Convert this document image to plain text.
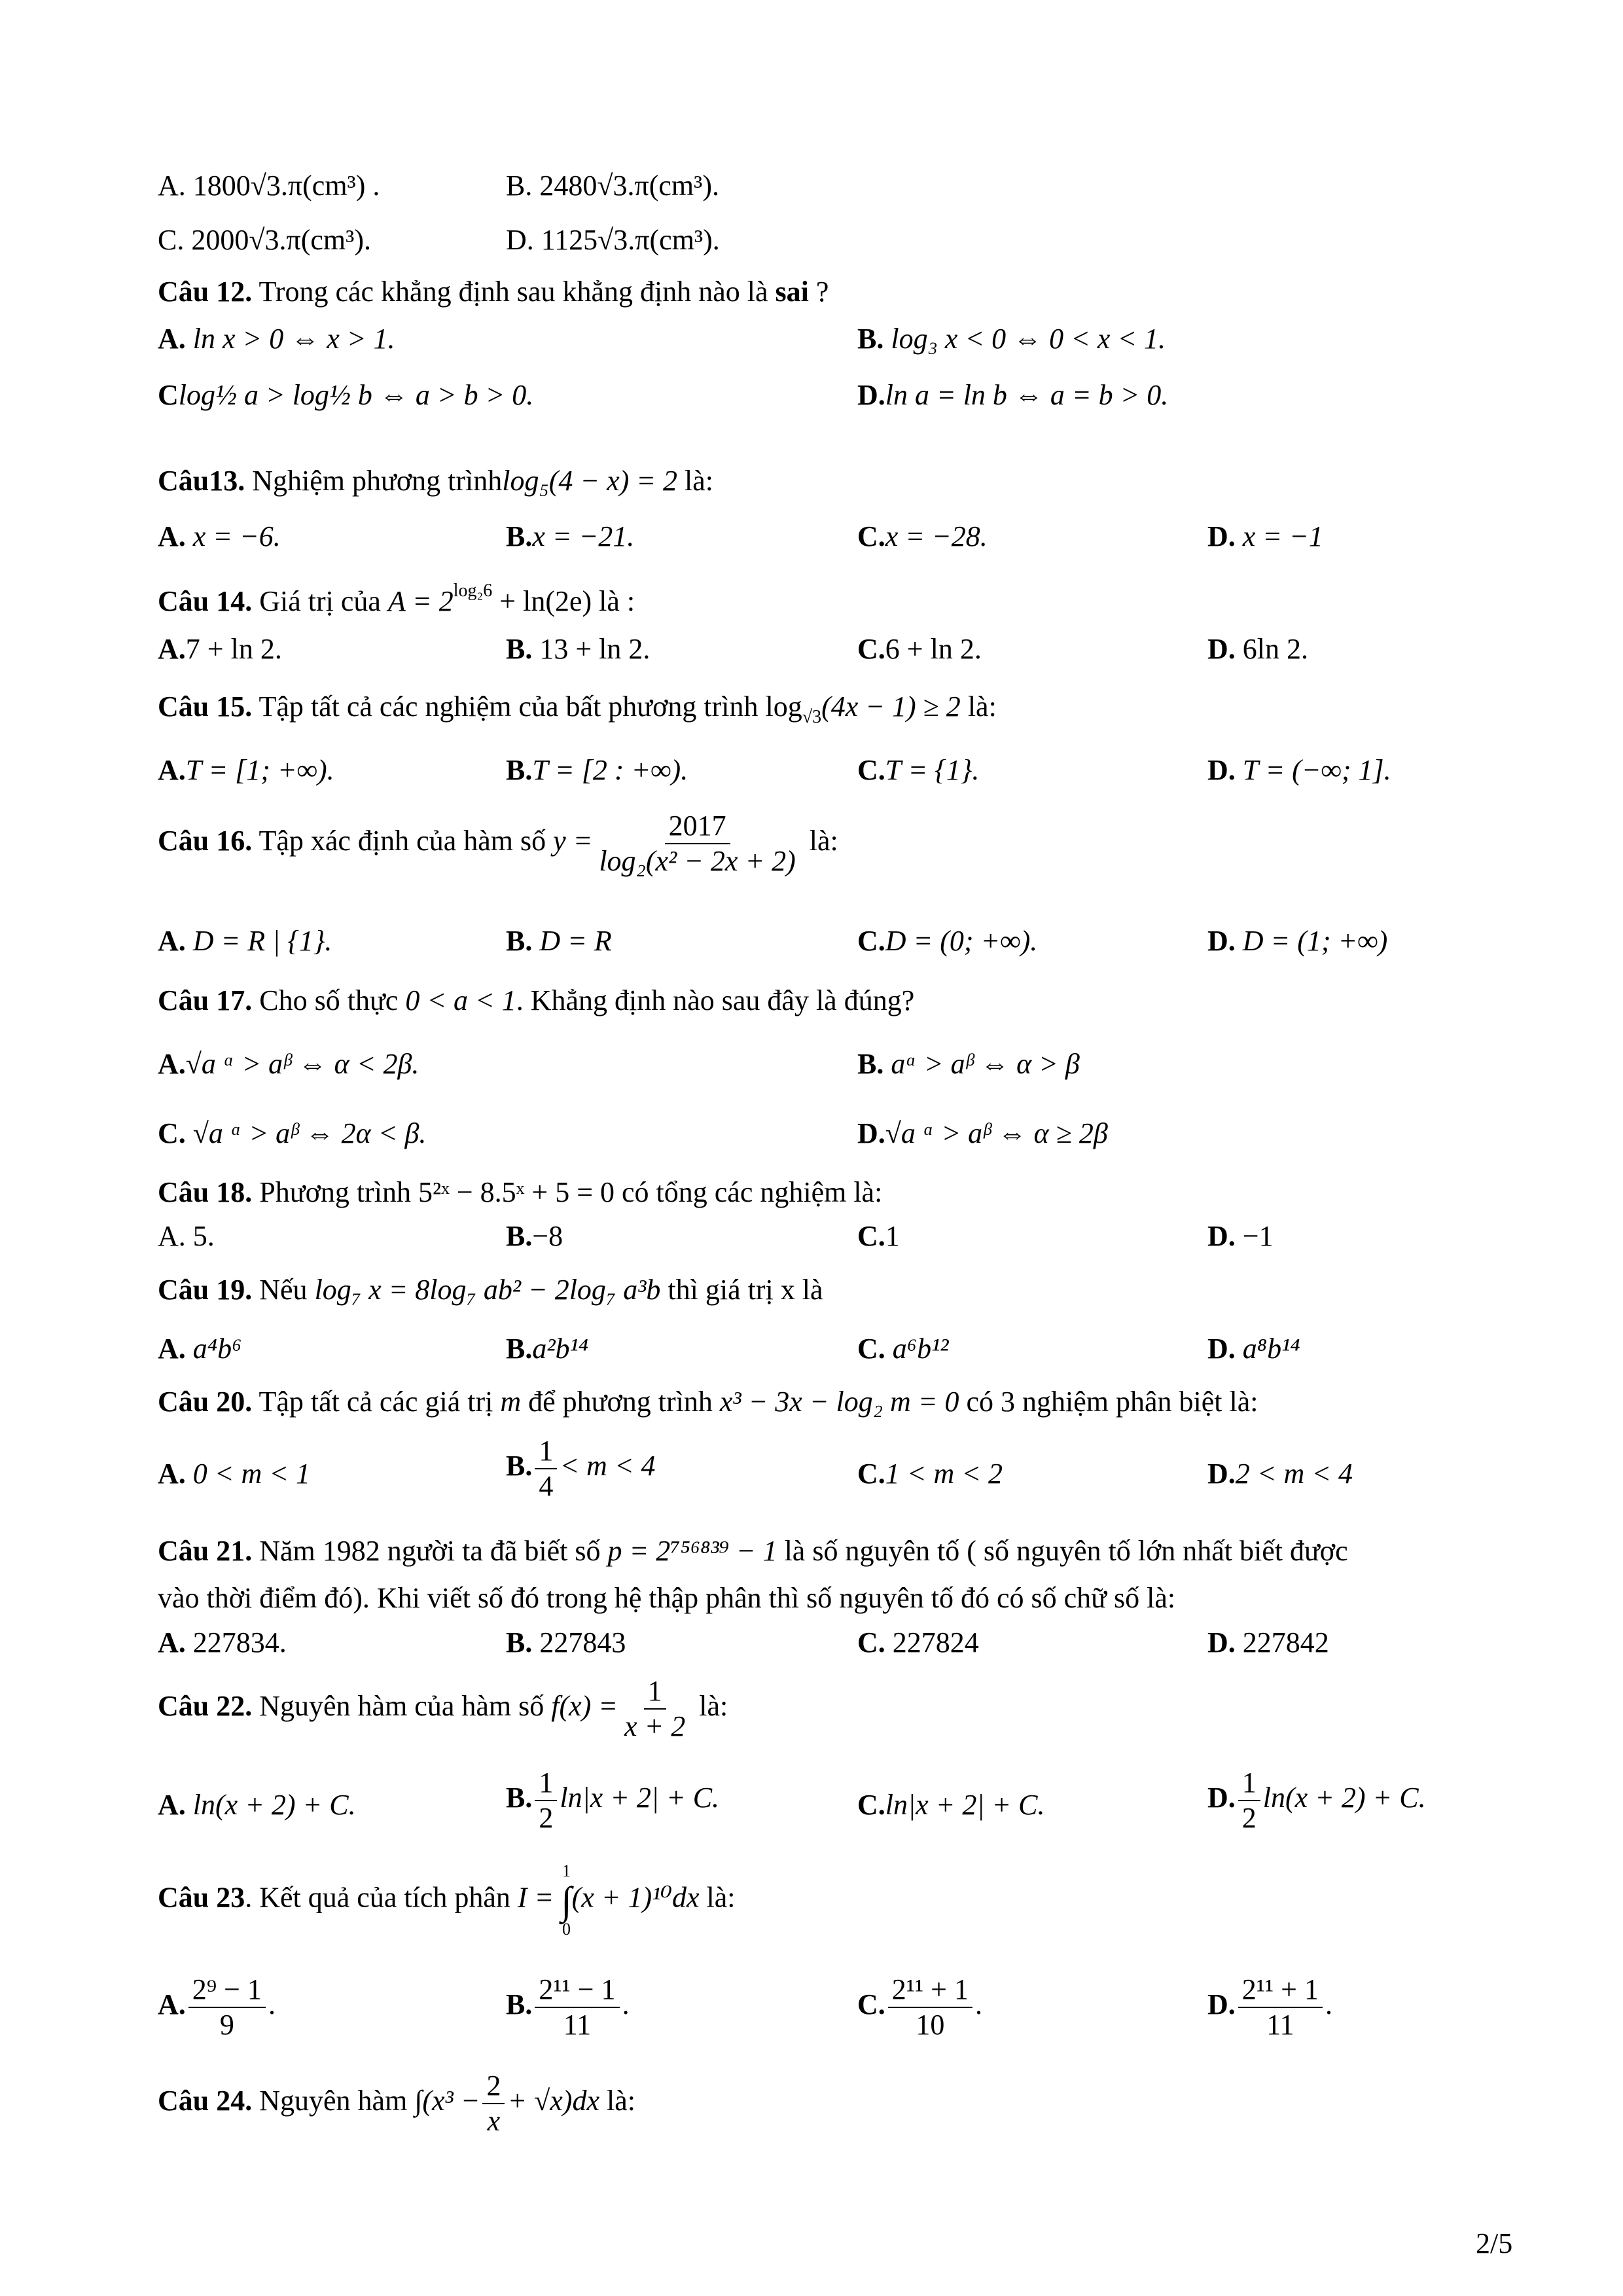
A. 1800√3.π(cm³) .	B. 2480√3.π(cm³).
C. 2000√3.π(cm³).	D. 1125√3.π(cm³).
Câu 12. Trong các khẳng định sau khẳng định nào là sai ?
A. ln x > 0 ⇔ x > 1.	B. log₃ x < 0 ⇔ 0 < x < 1.
Clog½ a > log½ b ⇔ a > b > 0.	D.ln a = ln b ⇔ a = b > 0.
Câu13. Nghiệm phương trìnhlog₅(4 − x) = 2 là:
A. x = −6.	B.x = −21.	C.x = −28.	D. x = −1
Câu 14. Giá trị của $A = 2^{log_26} + \ln(2e)$ là :
A.7 + ln 2.	B. 13 + ln 2.	C.6 + ln 2.	D. 6ln 2.
Câu 15. Tập tất cả các nghiệm của bất phương trình $\log_{√3}(4x - 1) \ge 2$ là:
A.T = [1; +∞).	B.T = [2 : +∞).	C.T = {1}.	D. T = (−∞; 1].
Câu 16. Tập xác định của hàm số $y = \frac{2017}{\text{log₂(x² − 2x + 2)}}$ là:
A. D = R | {1}.	B. D = R	C.D = (0; +∞).	D. D = (1; +∞)
Câu 17. Cho số thực 0 < a < 1. Khẳng định nào sau đây là đúng?
A.√a ᵅ > aᵝ ⇔ α < 2β.	B. aᵅ > aᵝ ⇔ α > β
C. √a ᵅ > aᵝ ⇔ 2α < β.	D.√a ᵅ > aᵝ ⇔ α ≥ 2β
Câu 18. Phương trình 5²ˣ − 8.5ˣ + 5 = 0 có tổng các nghiệm là:
A. 5.	B.−8	C.1	D. −1
Câu 19. Nếu log₇ x = 8log₇ ab² − 2log₇ a³b thì giá trị x là
A. a⁴b⁶	B.a²b¹⁴	C. a⁶b¹²	D. a⁸b¹⁴
Câu 20. Tập tất cả các giá trị m để phương trình x³ − 3x − log₂ m = 0 có 3 nghiệm phân biệt là:
A. 0 < m < 1	B. $\frac{1}{4} < m < 4$	C.1 < m < 2	D.2 < m < 4
Câu 21. Năm 1982 người ta đã biết số p = 2⁷⁵⁶⁸³⁹ − 1 là số nguyên tố ( số nguyên tố lớn nhất biết được
vào thời điểm đó). Khi viết số đó trong hệ thập phân thì số nguyên tố đó có số chữ số là:
A. 227834.	B. 227843	C. 227824	D. 227842
Câu 22. Nguyên hàm của hàm số $f(x) = \frac{1}{x + 2}$ là:
A. ln(x + 2) + C.	B. $\frac{1}{2} \ln|x + 2| + C$.	C.ln|x + 2| + C.	D. $\frac{1}{2} \ln(x + 2) + C$.
Câu 23. Kết quả của tích phân I =
1
∫
0
(x + 1)¹⁰dx là:
A. $\frac{\text{2⁹ − 1}}{9}$ .	B. $\frac{\text{2¹¹ − 1}}{11}$ .	C. $\frac{\text{2¹¹ + 1}}{10}$ .	D. $\frac{\text{2¹¹ + 1}}{11}$ .
Câu 24. Nguyên hàm $\int(x^3 - \frac{2}{x} + √x)dx$ là:
2/5
